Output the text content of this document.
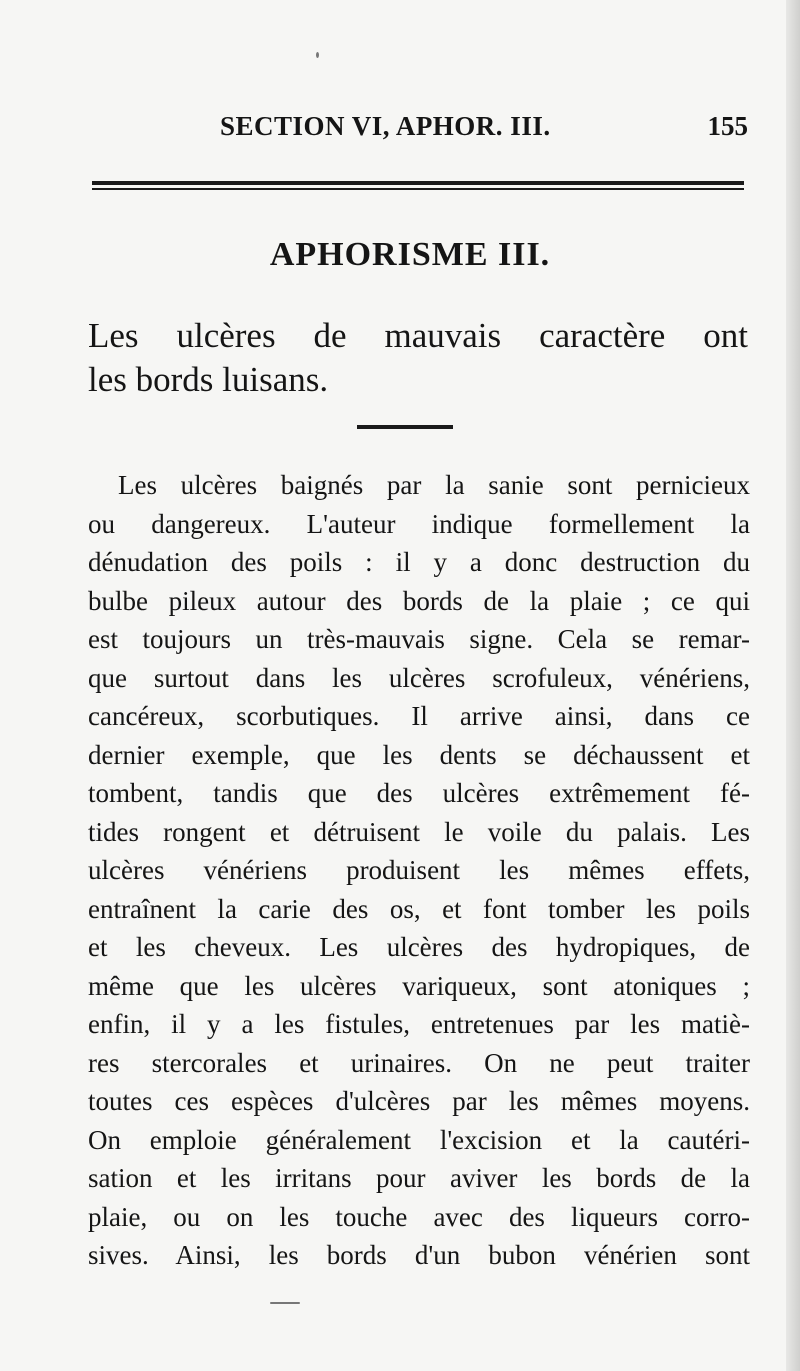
SECTION VI, APHOR. III.	155
APHORISME III.
Les ulcères de mauvais caractère ont
les bords luisans.
Les ulcères baignés par la sanie sont pernicieux
ou dangereux. L'auteur indique formellement la
dénudation des poils : il y a donc destruction du
bulbe pileux autour des bords de la plaie ; ce qui
est toujours un très-mauvais signe. Cela se remar-
que surtout dans les ulcères scrofuleux, vénériens,
cancéreux, scorbutiques. Il arrive ainsi, dans ce
dernier exemple, que les dents se déchaussent et
tombent, tandis que des ulcères extrêmement fé-
tides rongent et détruisent le voile du palais. Les
ulcères vénériens produisent les mêmes effets,
entraînent la carie des os, et font tomber les poils
et les cheveux. Les ulcères des hydropiques, de
même que les ulcères variqueux, sont atoniques ;
enfin, il y a les fistules, entretenues par les matiè-
res stercorales et urinaires. On ne peut traiter
toutes ces espèces d'ulcères par les mêmes moyens.
On emploie généralement l'excision et la cautéri-
sation et les irritans pour aviver les bords de la
plaie, ou on les touche avec des liqueurs corro-
sives. Ainsi, les bords d'un bubon vénérien sont
